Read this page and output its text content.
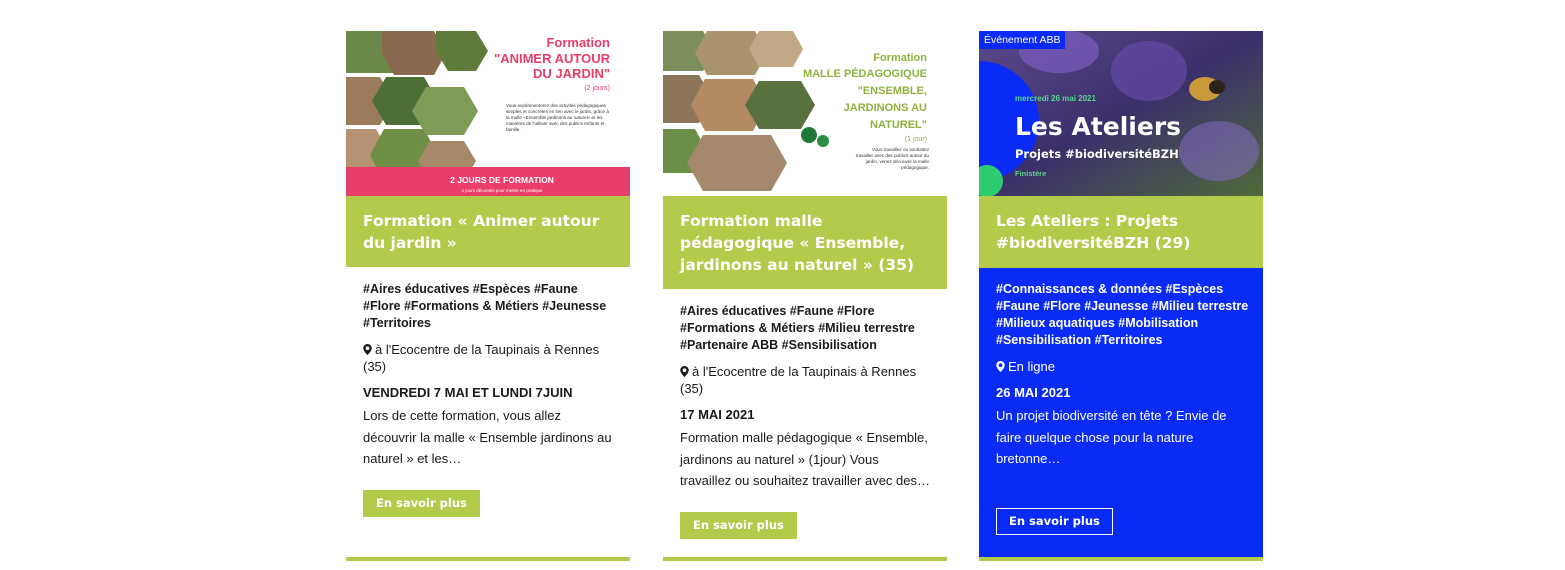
Formation
"ANIMER AUTOUR
DU JARDIN"
(2 jours)
Vous expérimenterez des activités pédagogiques simples et concrètes en lien avec le jardin, grâce à la malle «Ensemble jardinons au naturel» et les manières de l'utiliser avec des publics enfants et famille.
2 JOURS DE FORMATION
2 jours décontés pour mettre en pratique
Formation « Animer autour du jardin »

#Aires éducatives #Espèces #Faune #Flore #Formations & Métiers #Jeunesse #Territoires

à l'Ecocentre de la Taupinais à Rennes (35)
VENDREDI 7 MAI ET LUNDI 7JUIN
Lors de cette formation, vous allez découvrir la malle « Ensemble jardinons au naturel » et les…
En savoir plus
Formation
MALLE PÉDAGOGIQUE
"ENSEMBLE,
JARDINONS AU
NATUREL"
(1 jour)
Vous travaillez ou souhaitez travailler avec des publics autour du jardin, venez découvrir la malle pédagogique.
Formation malle pédagogique « Ensemble, jardinons au naturel » (35)

#Aires éducatives #Faune #Flore #Formations & Métiers #Milieu terrestre #Partenaire ABB #Sensibilisation

à l'Ecocentre de la Taupinais à Rennes (35)
17 MAI 2021
Formation malle pédagogique « Ensemble, jardinons au naturel » (1jour) Vous travaillez ou souhaitez travailler avec des…
En savoir plus
mercredi 26 mai 2021
Les Ateliers
Projets #biodiversitéBZH
Finistère
Événement ABB
Les Ateliers : Projets #biodiversitéBZH (29)

#Connaissances & données #Espèces #Faune #Flore #Jeunesse #Milieu terrestre #Milieux aquatiques #Mobilisation #Sensibilisation #Territoires

En ligne
26 MAI 2021
Un projet biodiversité en tête ? Envie de faire quelque chose pour la nature bretonne…
En savoir plus
